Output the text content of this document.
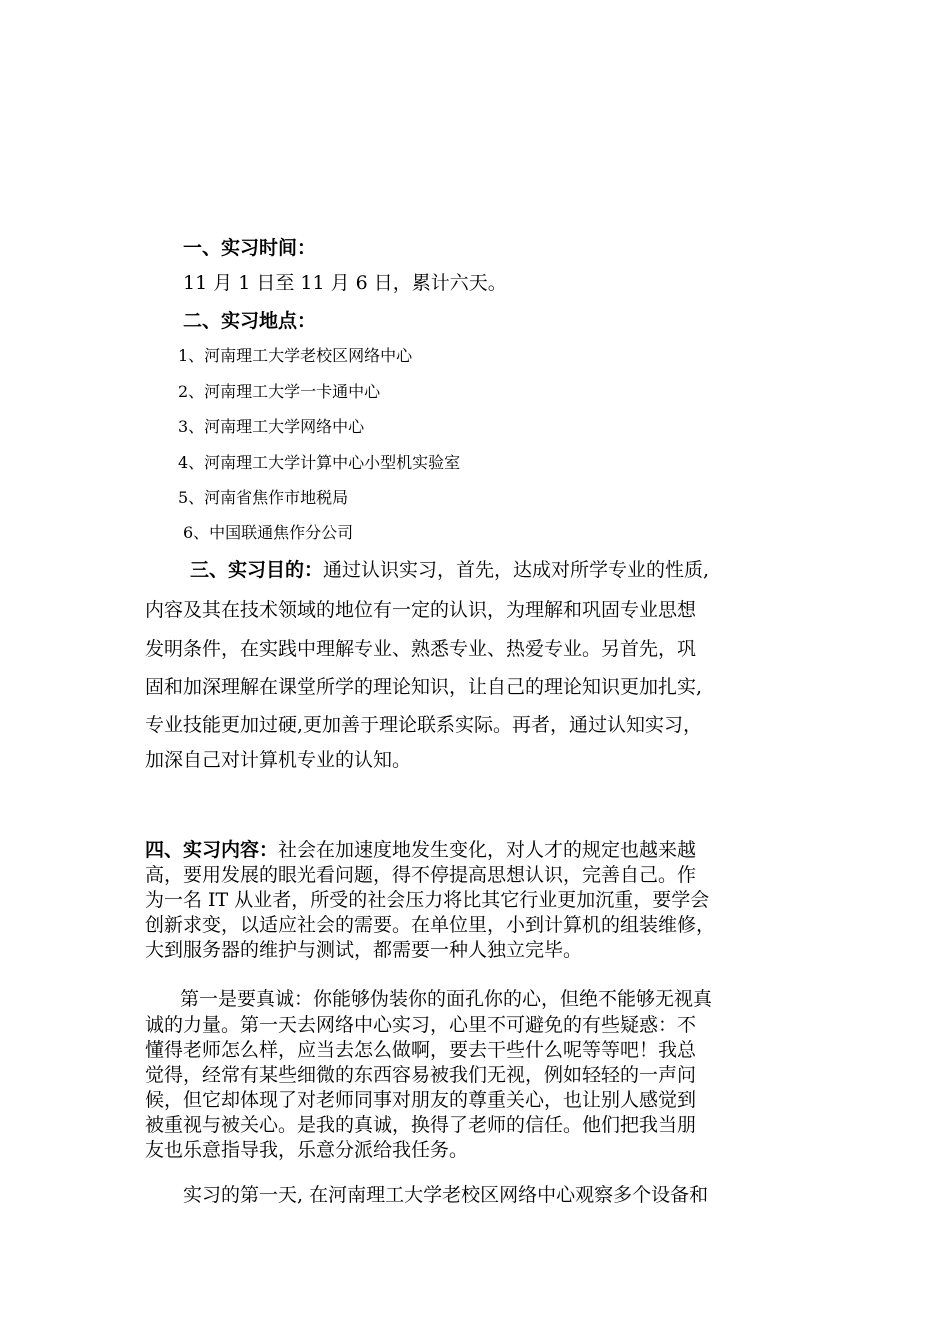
一、实习时间：
11 月 1 日至 11 月 6 日，累计六天。
二、实习地点：
1、河南理工大学老校区网络中心
2、河南理工大学一卡通中心
3、河南理工大学网络中心
4、河南理工大学计算中心小型机实验室
5、河南省焦作市地税局
6、中国联通焦作分公司
三、实习目的：通过认识实习，首先，达成对所学专业的性质,
内容及其在技术领域的地位有一定的认识，为理解和巩固专业思想
发明条件，在实践中理解专业、熟悉专业、热爱专业。另首先，巩
固和加深理解在课堂所学的理论知识，让自己的理论知识更加扎实,
专业技能更加过硬,更加善于理论联系实际。再者，通过认知实习，
加深自己对计算机专业的认知。
四、实习内容：社会在加速度地发生变化，对人才的规定也越来越
高，要用发展的眼光看问题，得不停提高思想认识，完善自己。作
为一名 IT 从业者，所受的社会压力将比其它行业更加沉重，要学会
创新求变，以适应社会的需要。在单位里，小到计算机的组装维修，
大到服务器的维护与测试，都需要一种人独立完毕。
第一是要真诚：你能够伪装你的面孔你的心，但绝不能够无视真
诚的力量。第一天去网络中心实习，心里不可避免的有些疑惑：不
懂得老师怎么样，应当去怎么做啊，要去干些什么呢等等吧！我总
觉得，经常有某些细微的东西容易被我们无视，例如轻轻的一声问
候，但它却体现了对老师同事对朋友的尊重关心，也让别人感觉到
被重视与被关心。是我的真诚，换得了老师的信任。他们把我当朋
友也乐意指导我，乐意分派给我任务。
实习的第一天, 在河南理工大学老校区网络中心观察多个设备和
